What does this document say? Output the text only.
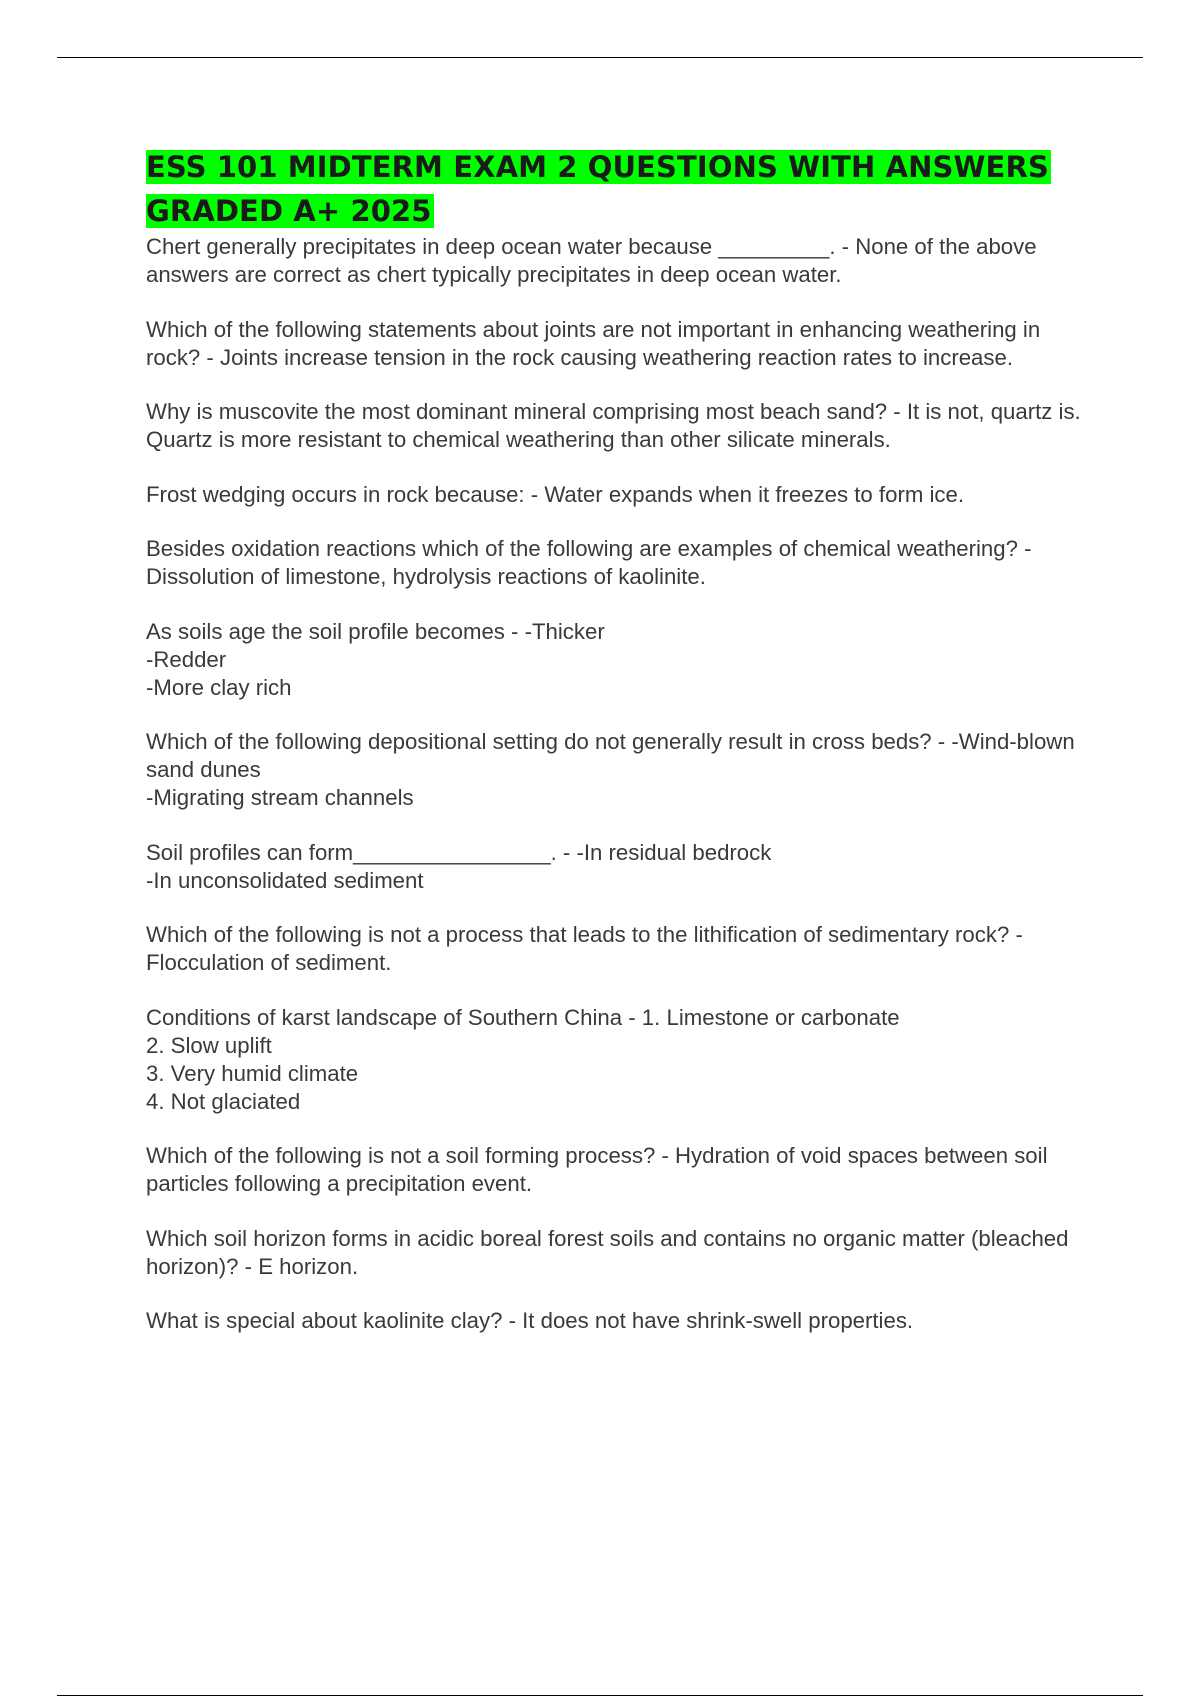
ESS 101 MIDTERM EXAM 2 QUESTIONS WITH ANSWERS GRADED A+ 2025

Chert generally precipitates in deep ocean water because _________. - None of the above answers are correct as chert typically precipitates in deep ocean water.

Which of the following statements about joints are not important in enhancing weathering in rock? - Joints increase tension in the rock causing weathering reaction rates to increase.

Why is muscovite the most dominant mineral comprising most beach sand? - It is not, quartz is. Quartz is more resistant to chemical weathering than other silicate minerals.

Frost wedging occurs in rock because: - Water expands when it freezes to form ice.

Besides oxidation reactions which of the following are examples of chemical weathering? - Dissolution of limestone, hydrolysis reactions of kaolinite.

As soils age the soil profile becomes - -Thicker
-Redder
-More clay rich

Which of the following depositional setting do not generally result in cross beds? - -Wind-blown sand dunes
-Migrating stream channels

Soil profiles can form________________. - -In residual bedrock
-In unconsolidated sediment

Which of the following is not a process that leads to the lithification of sedimentary rock? - Flocculation of sediment.

Conditions of karst landscape of Southern China - 1. Limestone or carbonate
2. Slow uplift
3. Very humid climate
4. Not glaciated

Which of the following is not a soil forming process? - Hydration of void spaces between soil particles following a precipitation event.

Which soil horizon forms in acidic boreal forest soils and contains no organic matter (bleached horizon)? - E horizon.

What is special about kaolinite clay? - It does not have shrink-swell properties.
